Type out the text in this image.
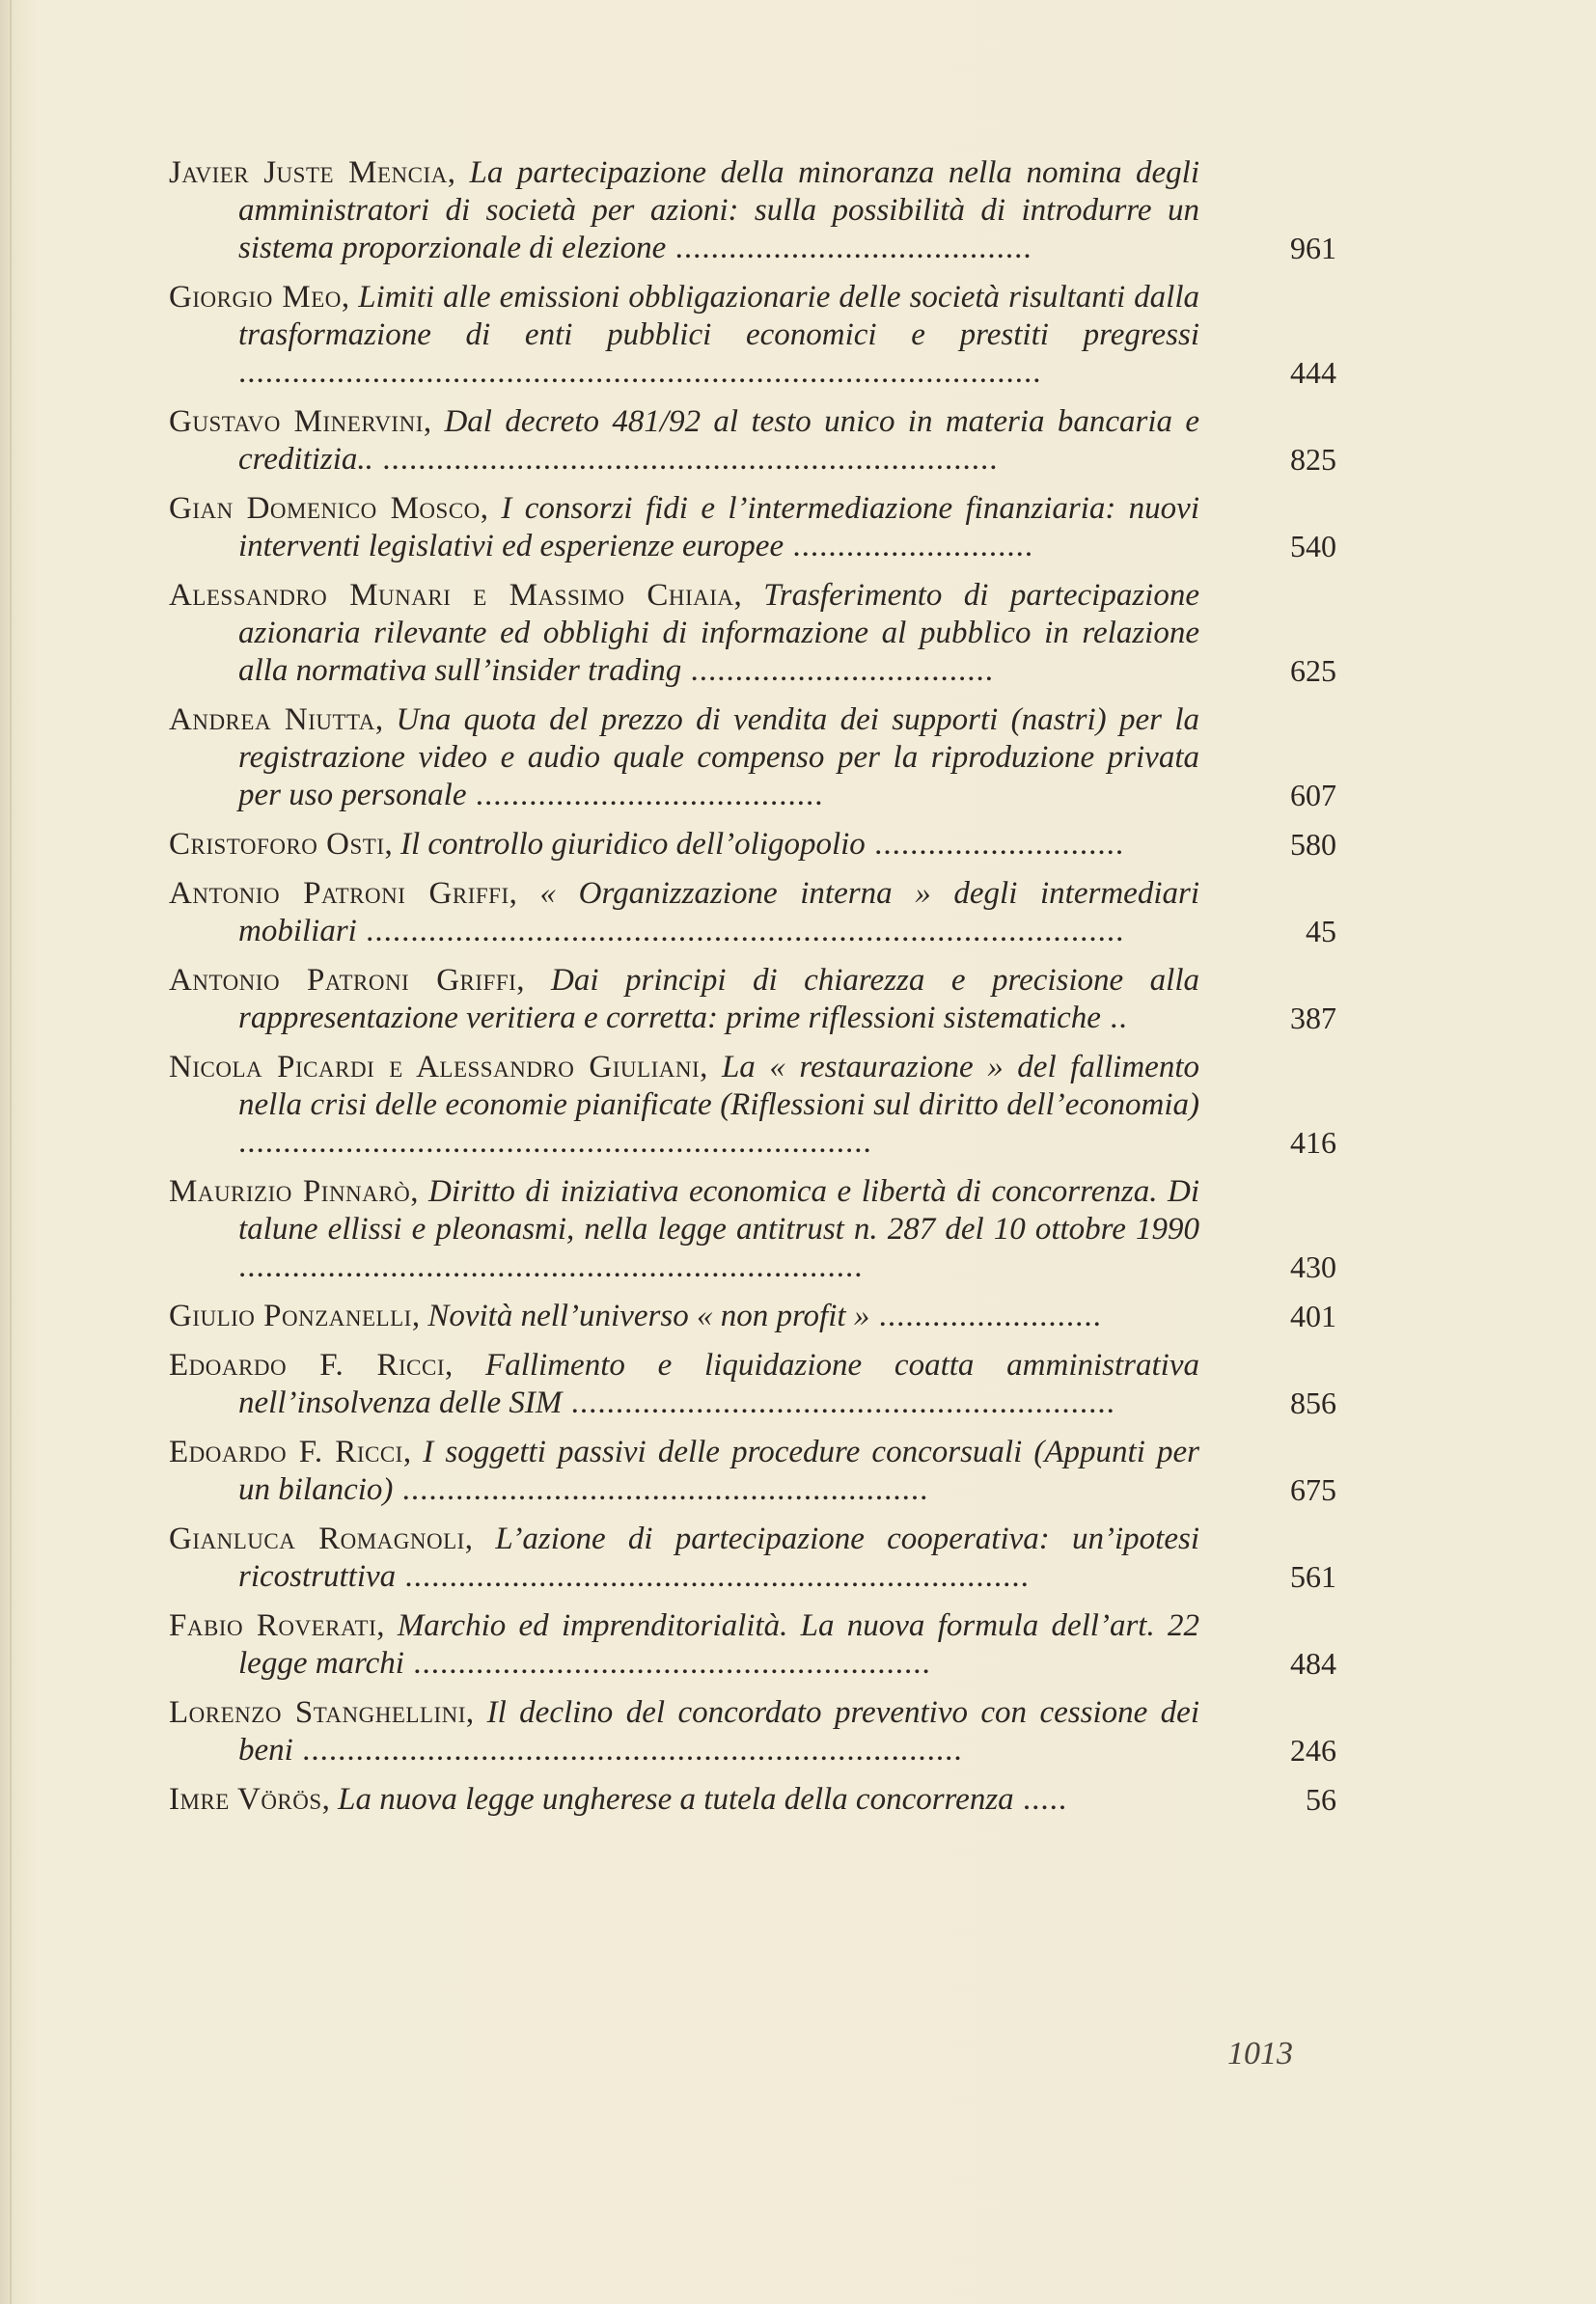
Javier Juste Mencia, La partecipazione della minoranza nella nomina degli amministratori di società per azioni: sulla possibilità di introdurre un sistema proporzionale di elezione ........................................	961
Giorgio Meo, Limiti alle emissioni obbligazionarie delle società risultanti dalla trasformazione di enti pubblici economici e prestiti pregressi ..........................................................................................	444
Gustavo Minervini, Dal decreto 481/92 al testo unico in materia bancaria e creditizia.. .....................................................................	825
Gian Domenico Mosco, I consorzi fidi e l’intermediazione finanziaria: nuovi interventi legislativi ed esperienze europee ...........................	540
Alessandro Munari e Massimo Chiaia, Trasferimento di partecipazione azionaria rilevante ed obblighi di informazione al pubblico in relazione alla normativa sull’insider trading ..................................	625
Andrea Niutta, Una quota del prezzo di vendita dei supporti (nastri) per la registrazione video e audio quale compenso per la riproduzione privata per uso personale .......................................	607
Cristoforo Osti, Il controllo giuridico dell’oligopolio ............................	580
Antonio Patroni Griffi, « Organizzazione interna » degli intermediari mobiliari .....................................................................................	45
Antonio Patroni Griffi, Dai principi di chiarezza e precisione alla rappresentazione veritiera e corretta: prime riflessioni sistematiche ..	387
Nicola Picardi e Alessandro Giuliani, La « restaurazione » del fallimento nella crisi delle economie pianificate (Riflessioni sul diritto dell’economia) .......................................................................	416
Maurizio Pinnarò, Diritto di iniziativa economica e libertà di concorrenza. Di talune ellissi e pleonasmi, nella legge antitrust n. 287 del 10 ottobre 1990 ......................................................................	430
Giulio Ponzanelli, Novità nell’universo « non profit » .........................	401
Edoardo F. Ricci, Fallimento e liquidazione coatta amministrativa nell’insolvenza delle SIM .............................................................	856
Edoardo F. Ricci, I soggetti passivi delle procedure concorsuali (Appunti per un bilancio) ...........................................................	675
Gianluca Romagnoli, L’azione di partecipazione cooperativa: un’ipotesi ricostruttiva ......................................................................	561
Fabio Roverati, Marchio ed imprenditorialità. La nuova formula dell’art. 22 legge marchi ..........................................................	484
Lorenzo Stanghellini, Il declino del concordato preventivo con cessione dei beni ..........................................................................	246
Imre Vörös, La nuova legge ungherese a tutela della concorrenza .....	56
1013
